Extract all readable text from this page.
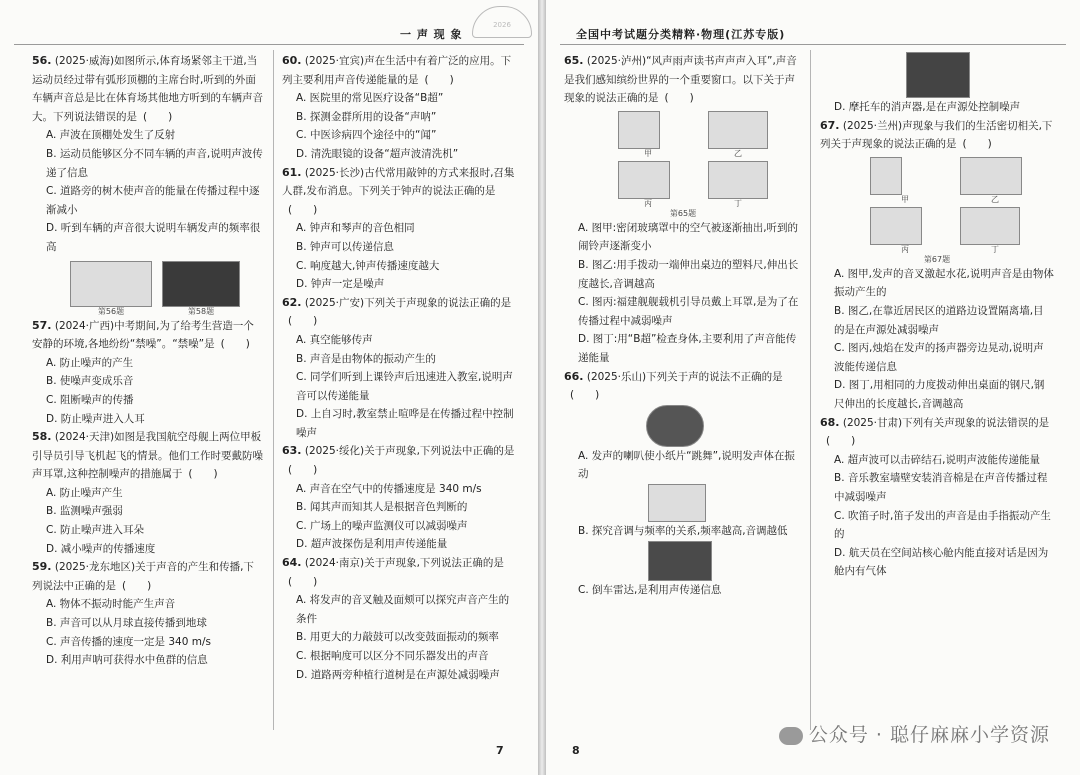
一 声 现 象

2026
56. (2025·威海)如图所示,体育场紧邻主干道,当运动员经过带有弧形顶棚的主席台时,听到的外面车辆声音总是比在体育场其他地方听到的车辆声音大。下列说法错误的是 (　　)
A. 声波在顶棚处发生了反射
B. 运动员能够区分不同车辆的声音,说明声波传递了信息
C. 道路旁的树木使声音的能量在传播过程中逐渐减小
D. 听到车辆的声音很大说明车辆发声的频率很高
第56题	第58题
57. (2024·广西)中考期间,为了给考生营造一个安静的环境,各地纷纷“禁噪”。“禁噪”是 (　　)
A. 防止噪声的产生
B. 使噪声变成乐音
C. 阻断噪声的传播
D. 防止噪声进入人耳
58. (2024·天津)如图是我国航空母舰上两位甲板引导员引导飞机起飞的情景。他们工作时要戴防噪声耳罩,这种控制噪声的措施属于 (　　)
A. 防止噪声产生
B. 监测噪声强弱
C. 防止噪声进入耳朵
D. 减小噪声的传播速度
59. (2025·龙东地区)关于声音的产生和传播,下列说法中正确的是 (　　)
A. 物体不振动时能产生声音
B. 声音可以从月球直接传播到地球
C. 声音传播的速度一定是 340 m/s
D. 利用声呐可获得水中鱼群的信息
60. (2025·宜宾)声在生活中有着广泛的应用。下列主要利用声音传递能量的是 (　　)
A. 医院里的常见医疗设备“B超”
B. 探测金群所用的设备“声呐”
C. 中医诊病四个途径中的“闻”
D. 清洗眼镜的设备“超声波清洗机”
61. (2025·长沙)古代常用敲钟的方式来报时,召集人群,发布消息。下列关于钟声的说法正确的是(　　)
A. 钟声和琴声的音色相同
B. 钟声可以传递信息
C. 响度越大,钟声传播速度越大
D. 钟声一定是噪声
62. (2025·广安)下列关于声现象的说法正确的是(　　)
A. 真空能够传声
B. 声音是由物体的振动产生的
C. 同学们听到上课铃声后迅速进入教室,说明声音可以传递能量
D. 上自习时,教室禁止喧哗是在传播过程中控制噪声
63. (2025·绥化)关于声现象,下列说法中正确的是(　　)
A. 声音在空气中的传播速度是 340 m/s
B. 闻其声而知其人是根据音色判断的
C. 广场上的噪声监测仪可以减弱噪声
D. 超声波探伤是利用声传递能量
64. (2024·南京)关于声现象,下列说法正确的是(　　)
A. 将发声的音叉触及面颊可以探究声音产生的条件
B. 用更大的力敲鼓可以改变鼓面振动的频率
C. 根据响度可以区分不同乐器发出的声音
D. 道路两旁种植行道树是在声源处减弱噪声
7
全国中考试题分类精粹·物理(江苏专版)
65. (2025·泸州)“风声雨声读书声声声入耳”,声音是我们感知缤纷世界的一个重要窗口。以下关于声现象的说法正确的是 (　　)
甲	乙
丙	丁
第65题
A. 图甲:密闭玻璃罩中的空气被逐渐抽出,听到的闹铃声逐渐变小
B. 图乙:用手拨动一端伸出桌边的塑料尺,伸出长度越长,音调越高
C. 图丙:福建舰舰载机引导员戴上耳罩,是为了在传播过程中减弱噪声
D. 图丁:用“B超”检查身体,主要利用了声音能传递能量
66. (2025·乐山)下列关于声的说法不正确的是(　　)
A. 发声的喇叭使小纸片“跳舞”,说明发声体在振动
B. 探究音调与频率的关系,频率越高,音调越低
C. 倒车雷达,是利用声传递信息
D. 摩托车的消声器,是在声源处控制噪声
67. (2025·兰州)声现象与我们的生活密切相关,下列关于声现象的说法正确的是 (　　)
甲	乙
丙	丁
第67题
A. 图甲,发声的音叉激起水花,说明声音是由物体振动产生的
B. 图乙,在靠近居民区的道路边设置隔离墙,目的是在声源处减弱噪声
C. 图丙,烛焰在发声的扬声器旁边晃动,说明声波能传递信息
D. 图丁,用相同的力度拨动伸出桌面的钢尺,钢尺伸出的长度越长,音调越高
68. (2025·甘肃)下列有关声现象的说法错误的是(　　)
A. 超声波可以击碎结石,说明声波能传递能量
B. 音乐教室墙壁安装消音棉是在声音传播过程中减弱噪声
C. 吹笛子时,笛子发出的声音是由手指振动产生的
D. 航天员在空间站核心舱内能直接对话是因为舱内有气体
8
公众号 · 聪仔麻麻小学资源
